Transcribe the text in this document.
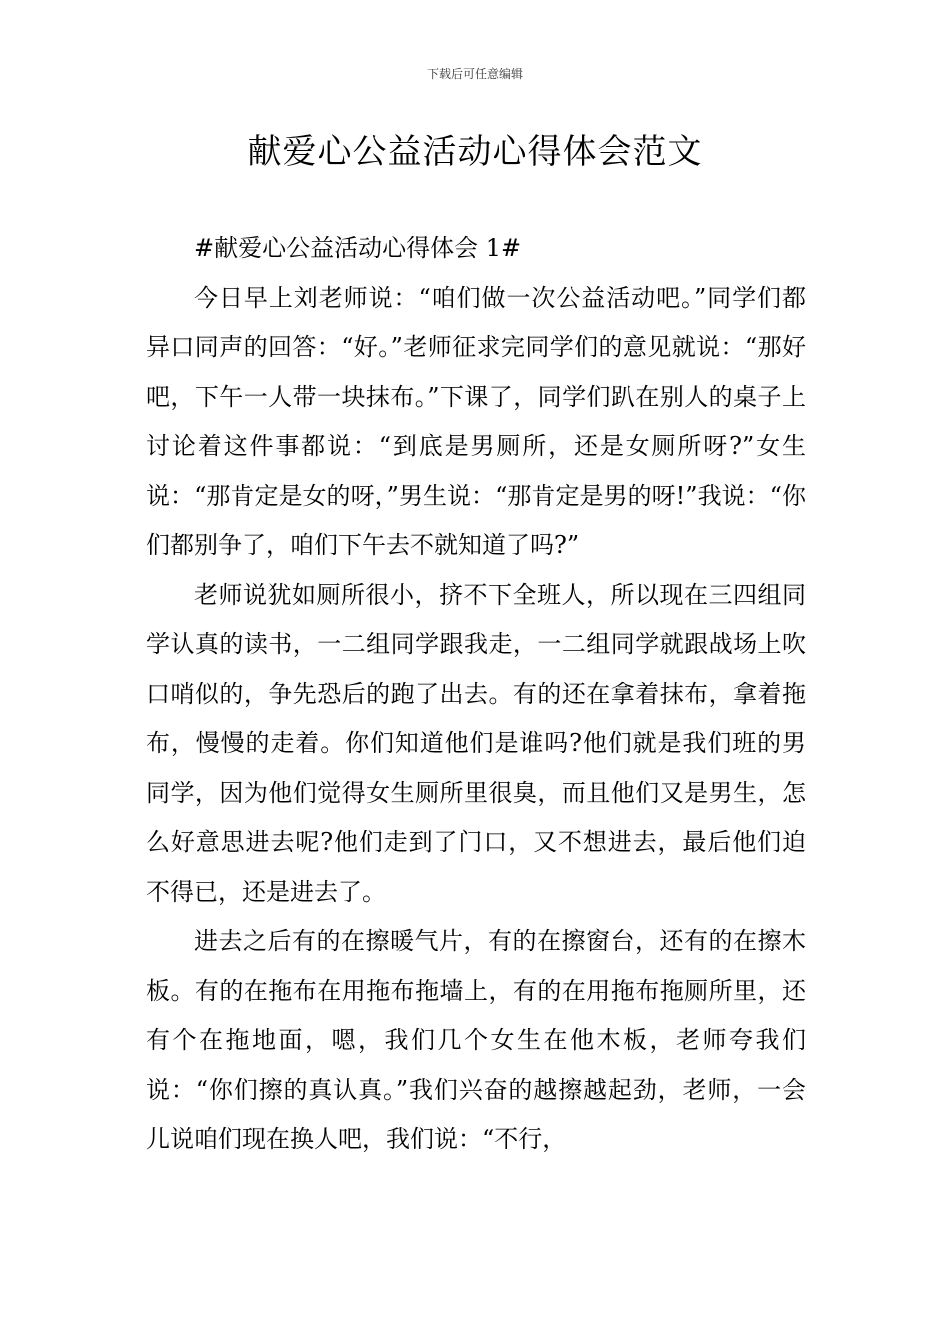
下载后可任意编辑
献爱心公益活动心得体会范文
#献爱心公益活动心得体会 1#

今日早上刘老师说：“咱们做一次公益活动吧。”同学们都异口同声的回答：“好。”老师征求完同学们的意见就说：“那好吧，下午一人带一块抹布。”下课了，同学们趴在别人的桌子上讨论着这件事都说：“到底是男厕所，还是女厕所呀?”女生说：“那肯定是女的呀，”男生说：“那肯定是男的呀!”我说：“你们都别争了，咱们下午去不就知道了吗?”

老师说犹如厕所很小，挤不下全班人，所以现在三四组同学认真的读书，一二组同学跟我走，一二组同学就跟战场上吹口哨似的，争先恐后的跑了出去。有的还在拿着抹布，拿着拖布，慢慢的走着。你们知道他们是谁吗?他们就是我们班的男同学，因为他们觉得女生厕所里很臭，而且他们又是男生，怎么好意思进去呢?他们走到了门口，又不想进去，最后他们迫不得已，还是进去了。

进去之后有的在擦暖气片，有的在擦窗台，还有的在擦木板。有的在拖布在用拖布拖墙上，有的在用拖布拖厕所里，还有个在拖地面，嗯，我们几个女生在他木板，老师夸我们说：“你们擦的真认真。”我们兴奋的越擦越起劲，老师，一会儿说咱们现在换人吧，我们说：“不行，
